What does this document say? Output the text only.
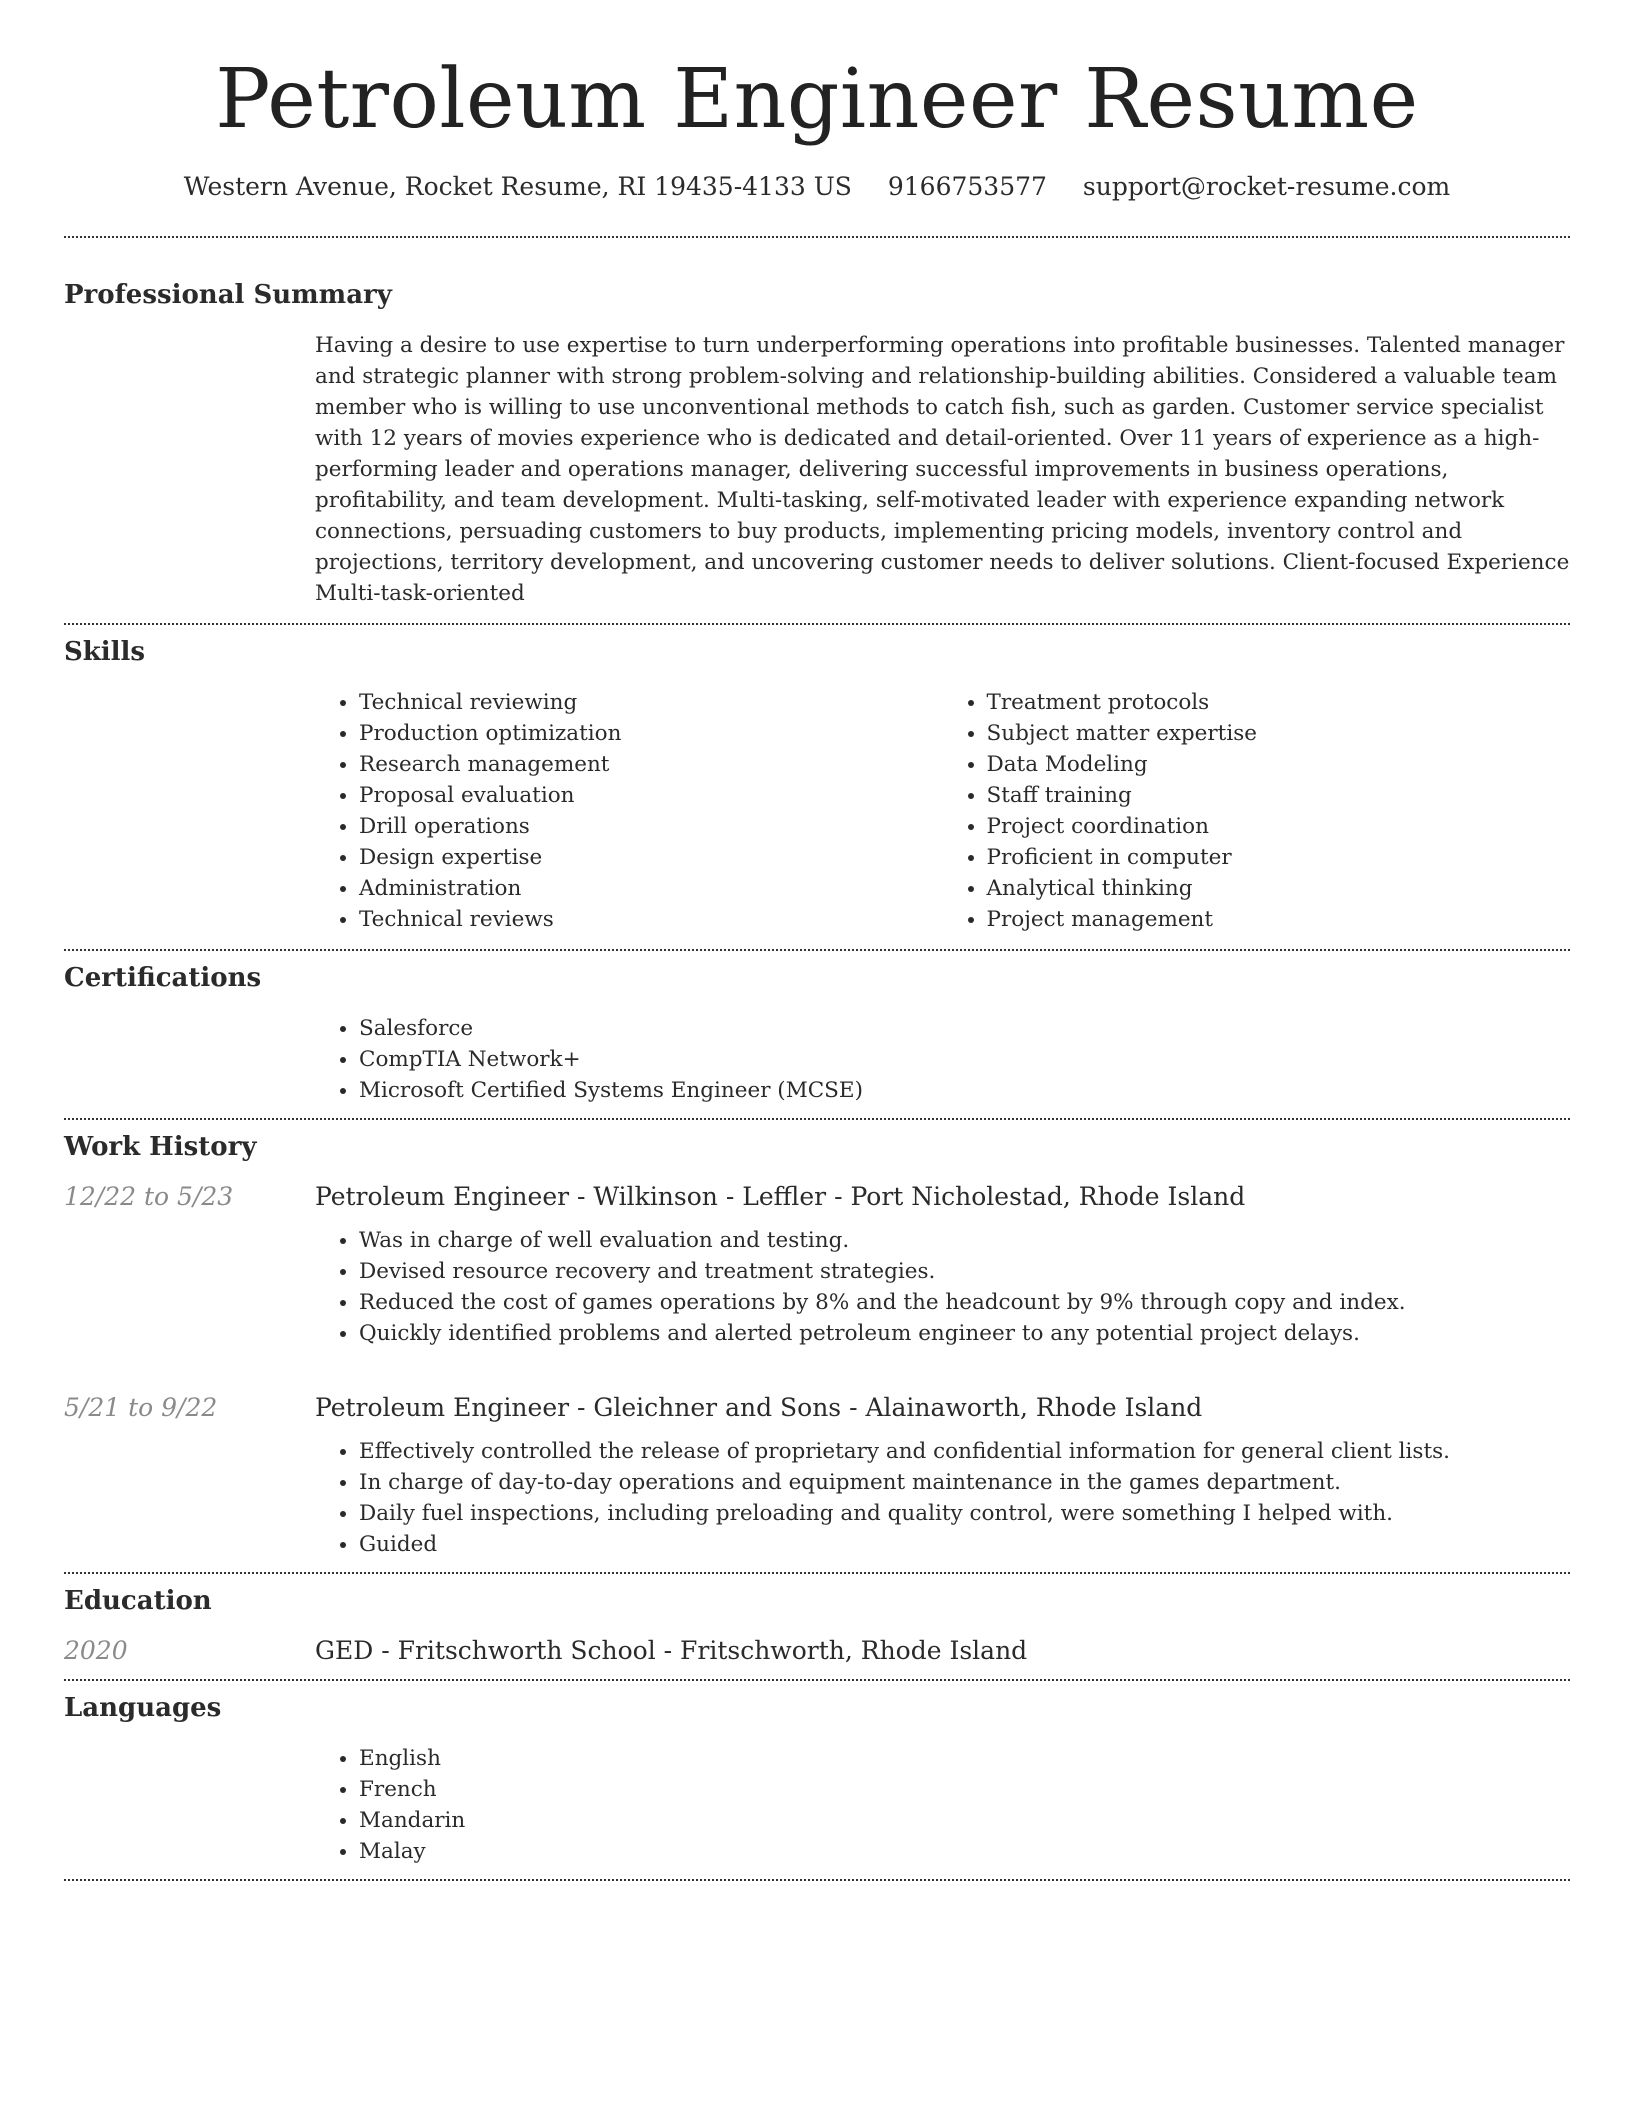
Petroleum Engineer Resume
Western Avenue, Rocket Resume, RI 19435-4133 US 9166753577 support@rocket-resume.com
Professional Summary
Having a desire to use expertise to turn underperforming operations into profitable businesses. Talented manager and strategic planner with strong problem-solving and relationship-building abilities. Considered a valuable team member who is willing to use unconventional methods to catch fish, such as garden. Customer service specialist with 12 years of movies experience who is dedicated and detail-oriented. Over 11 years of experience as a high-performing leader and operations manager, delivering successful improvements in business operations, profitability, and team development. Multi-tasking, self-motivated leader with experience expanding network connections, persuading customers to buy products, implementing pricing models, inventory control and projections, territory development, and uncovering customer needs to deliver solutions. Client-focused Experience Multi-task-oriented
Skills
• Technical reviewing
• Production optimization
• Research management
• Proposal evaluation
• Drill operations
• Design expertise
• Administration
• Technical reviews
• Treatment protocols
• Subject matter expertise
• Data Modeling
• Staff training
• Project coordination
• Proficient in computer
• Analytical thinking
• Project management
Certifications
• Salesforce
• CompTIA Network+
• Microsoft Certified Systems Engineer (MCSE)
Work History
12/22 to 5/23	Petroleum Engineer - Wilkinson - Leffler - Port Nicholestad, Rhode Island
• Was in charge of well evaluation and testing.
• Devised resource recovery and treatment strategies.
• Reduced the cost of games operations by 8% and the headcount by 9% through copy and index.
• Quickly identified problems and alerted petroleum engineer to any potential project delays.
5/21 to 9/22	Petroleum Engineer - Gleichner and Sons - Alainaworth, Rhode Island
• Effectively controlled the release of proprietary and confidential information for general client lists.
• In charge of day-to-day operations and equipment maintenance in the games department.
• Daily fuel inspections, including preloading and quality control, were something I helped with.
• Guided
Education
2020	GED - Fritschworth School - Fritschworth, Rhode Island
Languages
• English
• French
• Mandarin
• Malay
